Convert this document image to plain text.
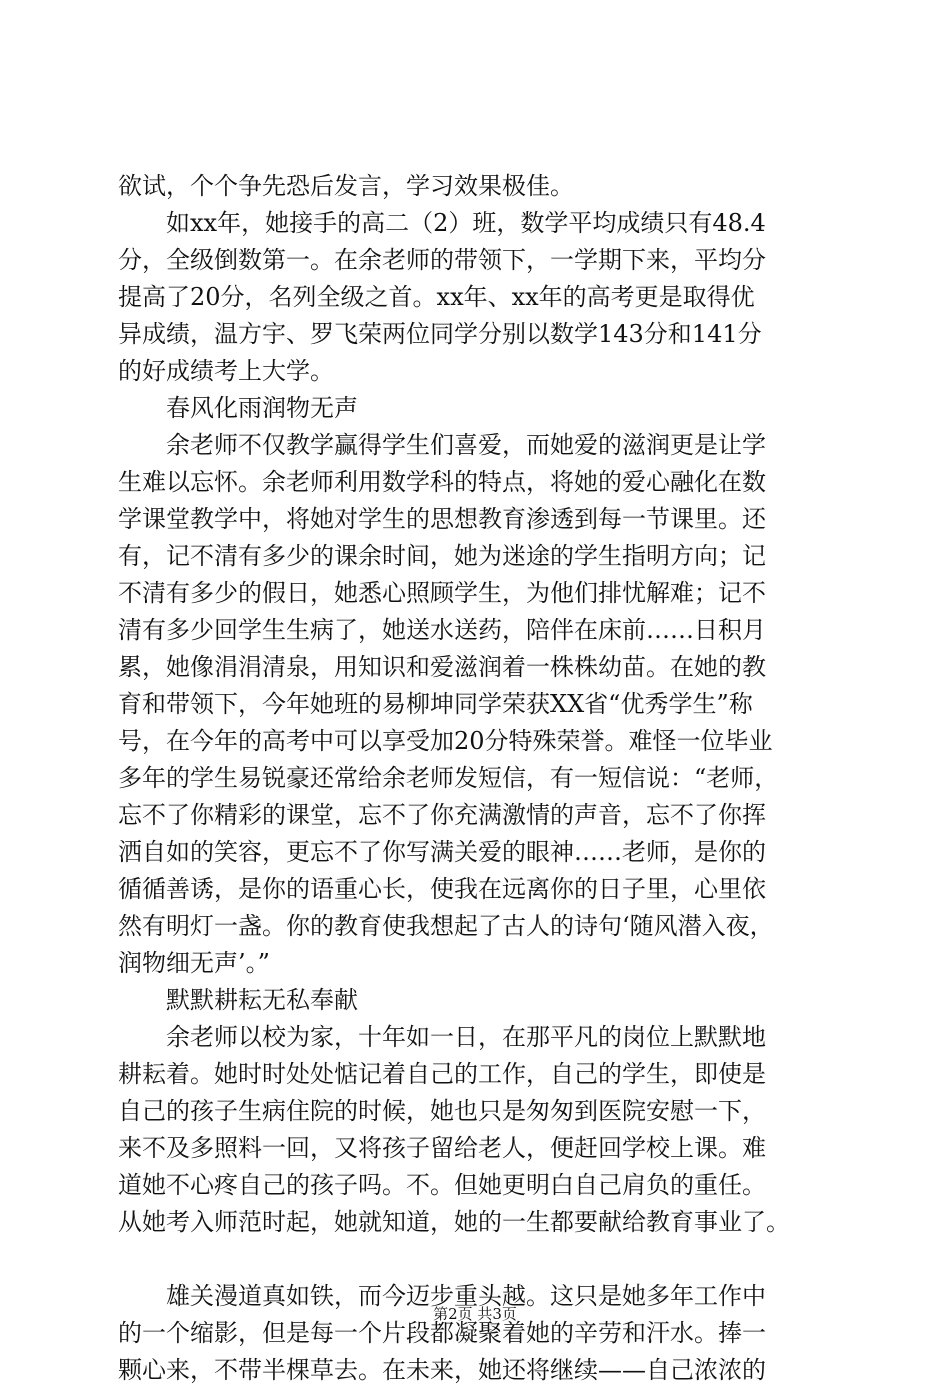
欲试，个个争先恐后发言，学习效果极佳。
如xx年，她接手的高二（2）班，数学平均成绩只有48.4
分，全级倒数第一。在余老师的带领下，一学期下来，平均分
提高了20分，名列全级之首。xx年、xx年的高考更是取得优
异成绩，温方宇、罗飞荣两位同学分别以数学143分和141分
的好成绩考上大学。
春风化雨润物无声
余老师不仅教学赢得学生们喜爱，而她爱的滋润更是让学
生难以忘怀。余老师利用数学科的特点，将她的爱心融化在数
学课堂教学中，将她对学生的思想教育渗透到每一节课里。还
有，记不清有多少的课余时间，她为迷途的学生指明方向；记
不清有多少的假日，她悉心照顾学生，为他们排忧解难；记不
清有多少回学生生病了，她送水送药，陪伴在床前……日积月
累，她像涓涓清泉，用知识和爱滋润着一株株幼苗。在她的教
育和带领下，今年她班的易柳坤同学荣获XX省“优秀学生”称
号，在今年的高考中可以享受加20分特殊荣誉。难怪一位毕业
多年的学生易锐豪还常给余老师发短信，有一短信说：“老师，
忘不了你精彩的课堂，忘不了你充满激情的声音，忘不了你挥
洒自如的笑容，更忘不了你写满关爱的眼神……老师，是你的
循循善诱，是你的语重心长，使我在远离你的日子里，心里依
然有明灯一盏。你的教育使我想起了古人的诗句‘随风潜入夜，
润物细无声’。”
默默耕耘无私奉献
余老师以校为家，十年如一日，在那平凡的岗位上默默地
耕耘着。她时时处处惦记着自己的工作，自己的学生，即使是
自己的孩子生病住院的时候，她也只是匆匆到医院安慰一下，
来不及多照料一回，又将孩子留给老人，便赶回学校上课。难
道她不心疼自己的孩子吗。不。但她更明白自己肩负的重任。
从她考入师范时起，她就知道，她的一生都要献给教育事业了。
雄关漫道真如铁，而今迈步重头越。这只是她多年工作中
的一个缩影，但是每一个片段都凝聚着她的辛劳和汗水。捧一
颗心来，不带半棵草去。在未来，她还将继续——自己浓浓的
第2页 共3页
